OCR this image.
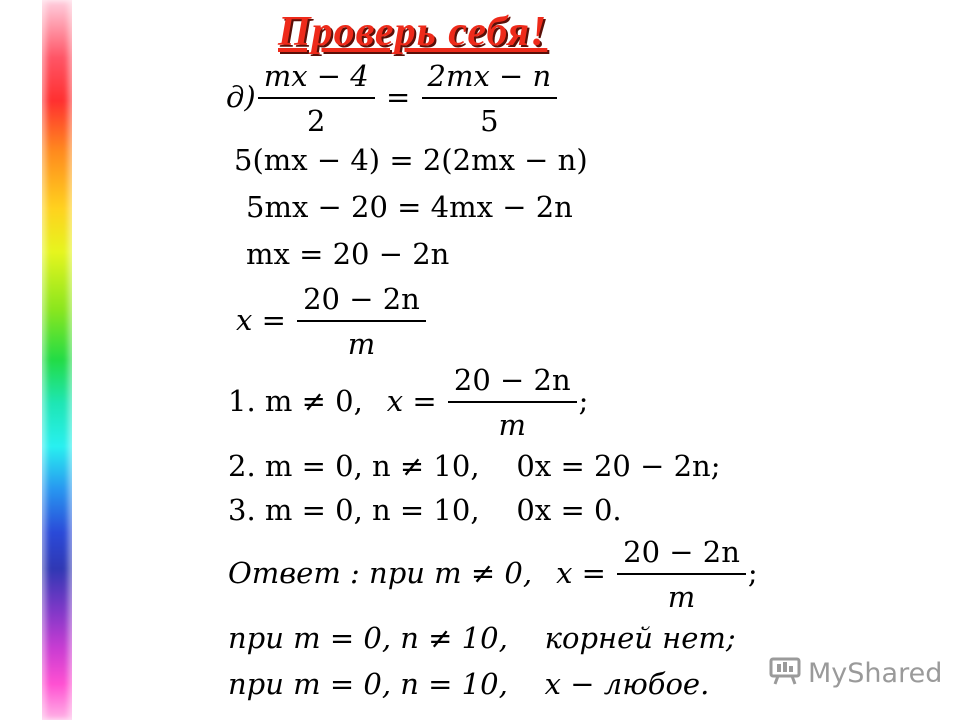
Проверь себя!
$д) \frac{mx - 4}{2} = \frac{2mx - n}{5}$
5(mx − 4) = 2(2mx − n)
5mx − 20 = 4mx − 2n
mx = 20 − 2n
$x = \frac{20 - 2n}{m}$
1. m ≠ 0, $x = \frac{20 - 2n}{m}$ ;
2. m = 0, n ≠ 10,    0x = 20 − 2n;
3. m = 0, n = 10,    0x = 0.
Ответ : при m ≠ 0, $x = \frac{20 - 2n}{m}$ ;
при m = 0, n ≠ 10,    корней нет;
при m = 0, n = 10,    x − любое.	MyShared
